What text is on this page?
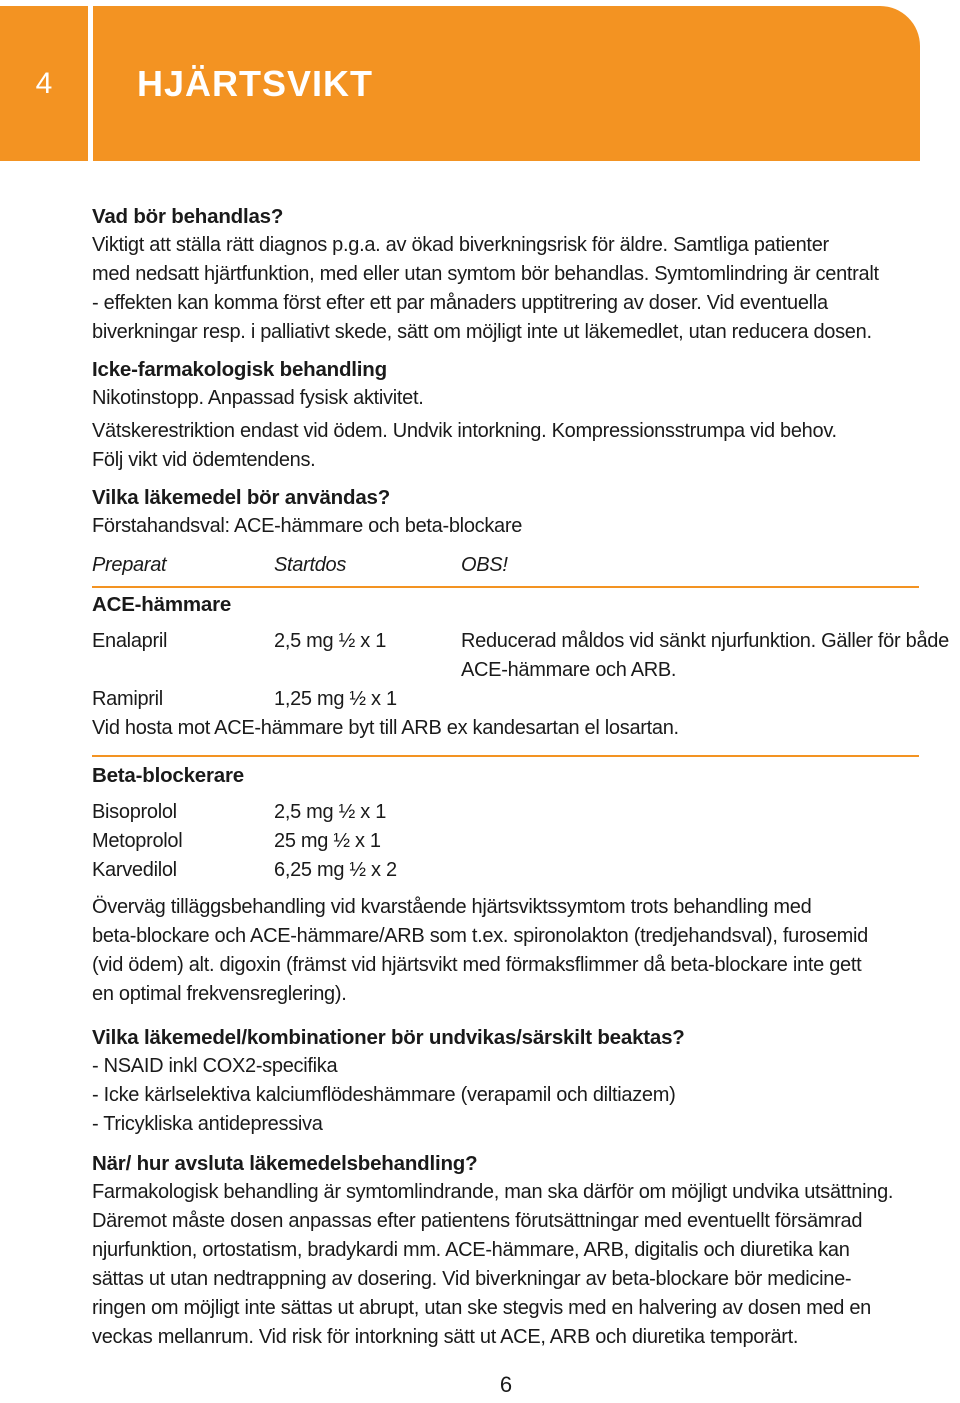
4	HJÄRTSVIKT

Vad bör behandlas?

Viktigt att ställa rätt diagnos p.g.a. av ökad biverkningsrisk för äldre. Samtliga patienter

med nedsatt hjärtfunktion, med eller utan symtom bör behandlas. Symtomlindring är centralt

- effekten kan komma först efter ett par månaders upptitrering av doser. Vid eventuella

biverkningar resp. i palliativt skede, sätt om möjligt inte ut läkemedlet, utan reducera dosen.

Icke-farmakologisk behandling

Nikotinstopp. Anpassad fysisk aktivitet.

Vätskerestriktion endast vid ödem. Undvik intorkning. Kompressionsstrumpa vid behov.

Följ vikt vid ödemtendens.

Vilka läkemedel bör användas?

Förstahandsval: ACE-hämmare och beta-blockare

Preparat	Startdos	OBS!

ACE-hämmare

Enalapril	2,5 mg ½ x 1	Reducerad måldos vid sänkt njurfunktion. Gäller för både
ACE-hämmare och ARB.
Ramipril	1,25 mg ½ x 1

Vid hosta mot ACE-hämmare byt till ARB ex kandesartan el losartan.

Beta-blockerare

Bisoprolol	2,5 mg ½ x 1
Metoprolol	25 mg ½ x 1
Karvedilol	6,25 mg ½ x 2

Överväg tilläggsbehandling vid kvarstående hjärtsviktssymtom trots behandling med

beta-blockare och ACE-hämmare/ARB som t.ex. spironolakton (tredjehandsval), furosemid

(vid ödem) alt. digoxin (främst vid hjärtsvikt med förmaksflimmer då beta-blockare inte gett

en optimal frekvensreglering).

Vilka läkemedel/kombinationer bör undvikas/särskilt beaktas?

- NSAID inkl COX2-specifika

- Icke kärlselektiva kalciumflödeshämmare (verapamil och diltiazem)

- Tricykliska antidepressiva

När/ hur avsluta läkemedelsbehandling?

Farmakologisk behandling är symtomlindrande, man ska därför om möjligt undvika utsättning.

Däremot måste dosen anpassas efter patientens förutsättningar med eventuellt försämrad

njurfunktion, ortostatism, bradykardi mm. ACE-hämmare, ARB, digitalis och diuretika kan

sättas ut utan nedtrappning av dosering. Vid biverkningar av beta-blockare bör medicine-

ringen om möjligt inte sättas ut abrupt, utan ske stegvis med en halvering av dosen med en

veckas mellanrum. Vid risk för intorkning sätt ut ACE, ARB och diuretika temporärt.

6
